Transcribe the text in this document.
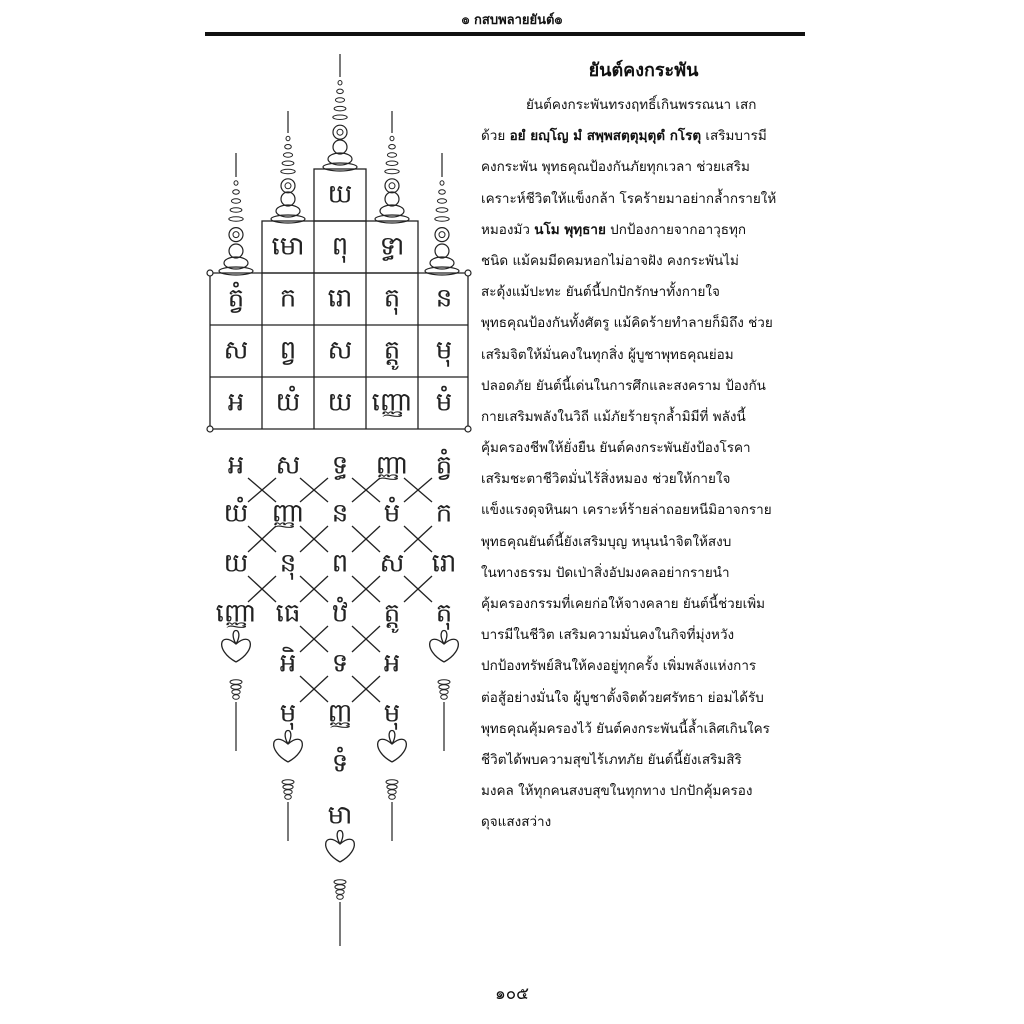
๏ กสบพลายยันต์๏
យ
មោ ពុ ទ្ធា
ត្វំ ក រោ តុ ន
ស ព្វ ស ត្តូ មុ
អ យំ យ ញ្ញោ មំ
អ ស ទ្ធ ញ្ញា ត្វំ
យំ ញ្ញា ន មំ ក
យ នុ ព ស រោ
ញ្ញោ ធេ ឋំ ត្តូ តុ
អិ ទ អ
មុ ញ្ញ មុ
ទំ
មា
ยันต์คงกระพัน
ยันต์คงกระพันทรงฤทธิ์เกินพรรณนา เสก
ด้วย อยํ ยญฺโญ มํ สพฺพสตฺตุมฺตุตํ กโรตุ เสริมบารมี
คงกระพัน พุทธคุณป้องกันภัยทุกเวลา ช่วยเสริม
เคราะห์ชีวิตให้แข็งกล้า โรคร้ายมาอย่ากล้ำกรายให้
หมองมัว นโม พุทฺธาย ปกป้องกายจากอาวุธทุก
ชนิด แม้คมมีดคมหอกไม่อาจฝัง คงกระพันไม่
สะดุ้งแม้ปะทะ ยันต์นี้ปกปักรักษาทั้งกายใจ
พุทธคุณป้องกันทั้งศัตรู แม้คิดร้ายทำลายก็มิถึง ช่วย
เสริมจิตให้มั่นคงในทุกสิ่ง ผู้บูชาพุทธคุณย่อม
ปลอดภัย ยันต์นี้เด่นในการศึกและสงคราม ป้องกัน
กายเสริมพลังในวิถี แม้ภัยร้ายรุกล้ำมิมีที่ พลังนี้
คุ้มครองชีพให้ยั่งยืน ยันต์คงกระพันยังป้องโรคา
เสริมชะตาชีวิตมั่นไร้สิ่งหมอง ช่วยให้กายใจ
แข็งแรงดุจหินผา เคราะห์ร้ายล่าถอยหนีมิอาจกราย
พุทธคุณยันต์นี้ยังเสริมบุญ หนุนนำจิตให้สงบ
ในทางธรรม ปัดเป่าสิ่งอัปมงคลอย่ากรายนำ
คุ้มครองกรรมที่เคยก่อให้จางคลาย ยันต์นี้ช่วยเพิ่ม
บารมีในชีวิต เสริมความมั่นคงในกิจที่มุ่งหวัง
ปกป้องทรัพย์สินให้คงอยู่ทุกครั้ง เพิ่มพลังแห่งการ
ต่อสู้อย่างมั่นใจ ผู้บูชาตั้งจิตด้วยศรัทธา ย่อมได้รับ
พุทธคุณคุ้มครองไว้ ยันต์คงกระพันนี้ล้ำเลิศเกินใคร
ชีวิตได้พบความสุขไร้เภทภัย ยันต์นี้ยังเสริมสิริ
มงคล ให้ทุกคนสงบสุขในทุกทาง ปกปักคุ้มครอง
ดุจแสงสว่าง
๑๐๕
